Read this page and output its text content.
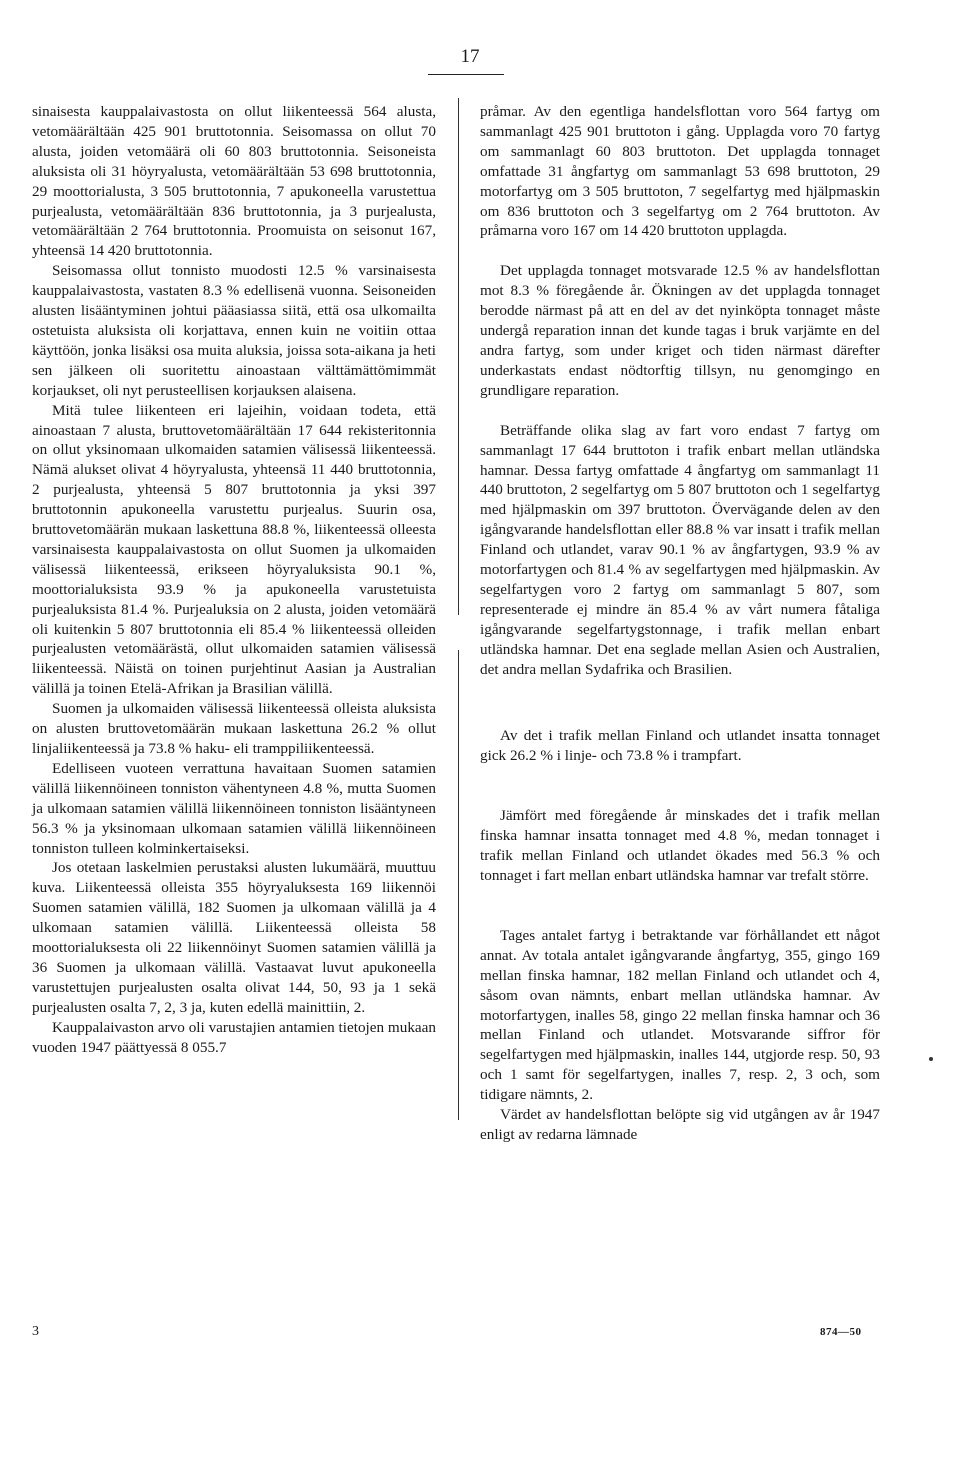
17

sinaisesta kauppalaivastosta on ollut liikenteessä 564 alusta, vetomäärältään 425 901 bruttotonnia. Seisomassa on ollut 70 alusta, joiden vetomäärä oli 60 803 bruttotonnia. Seisoneista aluksista oli 31 höyryalusta, vetomäärältään 53 698 bruttotonnia, 29 moottorialusta, 3 505 bruttotonnia, 7 apukoneella varustettua purjealusta, vetomäärältään 836 bruttotonnia, ja 3 purjealusta, vetomäärältään 2 764 bruttotonnia. Proomuista on seisonut 167, yhteensä 14 420 bruttotonnia.

Seisomassa ollut tonnisto muodosti 12.5 % varsinaisesta kauppalaivastosta, vastaten 8.3 % edellisenä vuonna. Seisoneiden alusten lisääntyminen johtui pääasiassa siitä, että osa ulkomailta ostetuista aluksista oli korjattava, ennen kuin ne voitiin ottaa käyttöön, jonka lisäksi osa muita aluksia, joissa sota-aikana ja heti sen jälkeen oli suoritettu ainoastaan välttämättömimmät korjaukset, oli nyt perusteellisen korjauksen alaisena.

Mitä tulee liikenteen eri lajeihin, voidaan todeta, että ainoastaan 7 alusta, bruttovetomäärältään 17 644 rekisteritonnia on ollut yksinomaan ulkomaiden satamien välisessä liikenteessä. Nämä alukset olivat 4 höyryalusta, yhteensä 11 440 bruttotonnia, 2 purjealusta, yhteensä 5 807 bruttotonnia ja yksi 397 bruttotonnin apukoneella varustettu purjealus. Suurin osa, bruttovetomäärän mukaan laskettuna 88.8 %, liikenteessä olleesta varsinaisesta kauppalaivastosta on ollut Suomen ja ulkomaiden välisessä liikenteessä, erikseen höyryaluksista 90.1 %, moottorialuksista 93.9 % ja apukoneella varustetuista purjealuksista 81.4 %. Purjealuksia on 2 alusta, joiden vetomäärä oli kuitenkin 5 807 bruttotonnia eli 85.4 % liikenteessä olleiden purjealusten vetomäärästä, ollut ulkomaiden satamien välisessä liikenteessä. Näistä on toinen purjehtinut Aasian ja Australian välillä ja toinen Etelä-Afrikan ja Brasilian välillä.

Suomen ja ulkomaiden välisessä liikenteessä olleista aluksista on alusten bruttovetomäärän mukaan laskettuna 26.2 % ollut linjaliikenteessä ja 73.8 % haku- eli tramppiliikenteessä.

Edelliseen vuoteen verrattuna havaitaan Suomen satamien välillä liikennöineen tonniston vähentyneen 4.8 %, mutta Suomen ja ulkomaan satamien välillä liikennöineen tonniston lisääntyneen 56.3 % ja yksinomaan ulkomaan satamien välillä liikennöineen tonniston tulleen kolminkertaiseksi.

Jos otetaan laskelmien perustaksi alusten lukumäärä, muuttuu kuva. Liikenteessä olleista 355 höyryaluksesta 169 liikennöi Suomen satamien välillä, 182 Suomen ja ulkomaan välillä ja 4 ulkomaan satamien välillä. Liikenteessä olleista 58 moottorialuksesta oli 22 liikennöinyt Suomen satamien välillä ja 36 Suomen ja ulkomaan välillä. Vastaavat luvut apukoneella varustettujen purjealusten osalta olivat 144, 50, 93 ja 1 sekä purjealusten osalta 7, 2, 3 ja, kuten edellä mainittiin, 2.

Kauppalaivaston arvo oli varustajien antamien tietojen mukaan vuoden 1947 päättyessä 8 055.7

pråmar. Av den egentliga handelsflottan voro 564 fartyg om sammanlagt 425 901 bruttoton i gång. Upplagda voro 70 fartyg om sammanlagt 60 803 bruttoton. Det upplagda tonnaget omfattade 31 ångfartyg om sammanlagt 53 698 bruttoton, 29 motorfartyg om 3 505 bruttoton, 7 segelfartyg med hjälpmaskin om 836 bruttoton och 3 segelfartyg om 2 764 bruttoton. Av pråmarna voro 167 om 14 420 bruttoton upplagda.

Det upplagda tonnaget motsvarade 12.5 % av handelsflottan mot 8.3 % föregående år. Ökningen av det upplagda tonnaget berodde närmast på att en del av det nyinköpta tonnaget måste undergå reparation innan det kunde tagas i bruk varjämte en del andra fartyg, som under kriget och tiden närmast därefter underkastats endast nödtorftig tillsyn, nu genomgingo en grundligare reparation.

Beträffande olika slag av fart voro endast 7 fartyg om sammanlagt 17 644 bruttoton i trafik enbart mellan utländska hamnar. Dessa fartyg omfattade 4 ångfartyg om sammanlagt 11 440 bruttoton, 2 segelfartyg om 5 807 bruttoton och 1 segelfartyg med hjälpmaskin om 397 bruttoton. Övervägande delen av den igångvarande handelsflottan eller 88.8 % var insatt i trafik mellan Finland och utlandet, varav 90.1 % av ångfartygen, 93.9 % av motorfartygen och 81.4 % av segelfartygen med hjälpmaskin. Av segelfartygen voro 2 fartyg om sammanlagt 5 807, som representerade ej mindre än 85.4 % av vårt numera fåtaliga igångvarande segelfartygstonnage, i trafik mellan enbart utländska hamnar. Det ena seglade mellan Asien och Australien, det andra mellan Sydafrika och Brasilien.

Av det i trafik mellan Finland och utlandet insatta tonnaget gick 26.2 % i linje- och 73.8 % i trampfart.

Jämfört med föregående år minskades det i trafik mellan finska hamnar insatta tonnaget med 4.8 %, medan tonnaget i trafik mellan Finland och utlandet ökades med 56.3 % och tonnaget i fart mellan enbart utländska hamnar var trefalt större.

Tages antalet fartyg i betraktande var förhållandet ett något annat. Av totala antalet igångvarande ångfartyg, 355, gingo 169 mellan finska hamnar, 182 mellan Finland och utlandet och 4, såsom ovan nämnts, enbart mellan utländska hamnar. Av motorfartygen, inalles 58, gingo 22 mellan finska hamnar och 36 mellan Finland och utlandet. Motsvarande siffror för segelfartygen med hjälpmaskin, inalles 144, utgjorde resp. 50, 93 och 1 samt för segelfartygen, inalles 7, resp. 2, 3 och, som tidigare nämnts, 2.

Värdet av handelsflottan belöpte sig vid utgången av år 1947 enligt av redarna lämnade

3	874—50
